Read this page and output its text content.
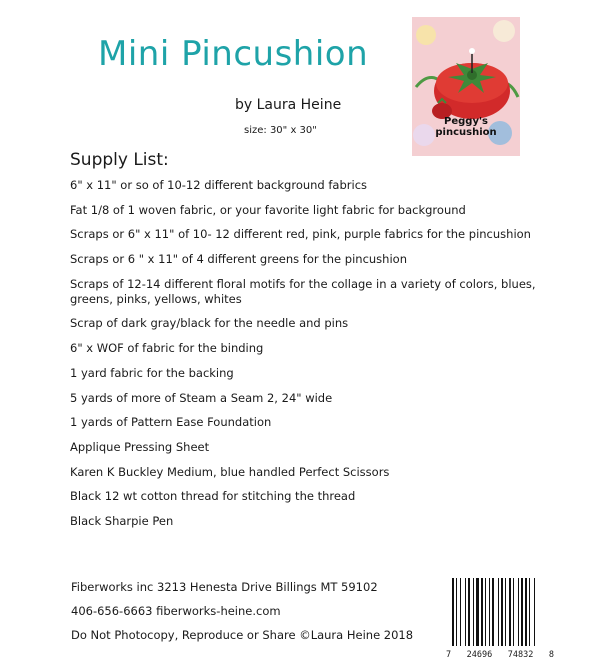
Mini Pincushion
by Laura Heine
size: 30" x 30"
Peggy's pincushion
Supply List:
6" x 11" or so of 10-12 different background fabrics
Fat 1/8 of 1 woven fabric, or your favorite light fabric for background
Scraps or 6" x 11" of 10- 12 different red, pink, purple fabrics for the pincushion
Scraps or 6 " x 11" of 4 different greens for the pincushion
Scraps of 12-14 different floral motifs for the collage in a variety of colors, blues, greens, pinks, yellows, whites
Scrap of dark gray/black for the needle and pins
6" x WOF of fabric for the binding
1 yard fabric for the backing
5 yards of more of Steam a Seam 2, 24" wide
1 yards of Pattern Ease Foundation
Applique Pressing Sheet
Karen K Buckley Medium, blue handled Perfect Scissors
Black 12 wt cotton thread for stitching the thread
Black Sharpie Pen
Fiberworks inc 3213 Henesta Drive Billings MT 59102
406-656-6663 fiberworks-heine.com
Do Not Photocopy, Reproduce or Share ©Laura Heine 2018
7 24696 74832 8
